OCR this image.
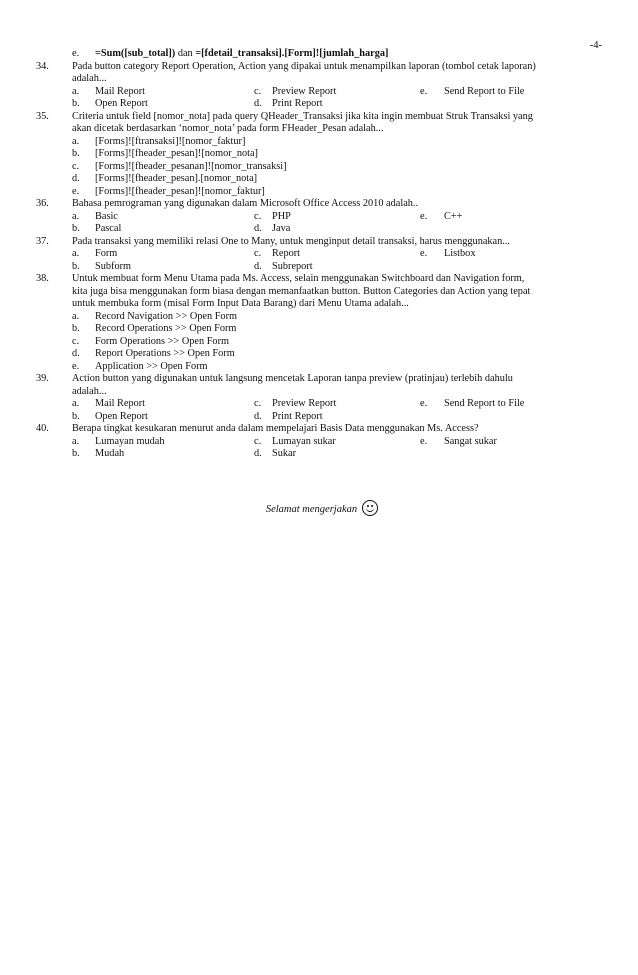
-4-
e. =Sum([sub_total]) dan =[fdetail_transaksi].[Form]![jumlah_harga]
34.	Pada button category Report Operation, Action yang dipakai untuk menampilkan laporan (tombol cetak laporan)
adalah...
a. Mail Report	c. Preview Report	e. Send Report to File
b. Open Report	d. Print Report
35.	Criteria untuk field [nomor_nota] pada query QHeader_Transaksi jika kita ingin membuat Struk Transaksi yang
akan dicetak berdasarkan ‘nomor_nota’ pada form FHeader_Pesan adalah...
a. [Forms]![ftransaksi]![nomor_faktur]
b. [Forms]![fheader_pesan]![nomor_nota]
c. [Forms]![fheader_pesanan]![nomor_transaksi]
d. [Forms]![fheader_pesan].[nomor_nota]
e. [Forms]![fheader_pesan]![nomor_faktur]
36.	Bahasa pemrograman yang digunakan dalam Microsoft Office Access 2010 adalah..
a. Basic	c. PHP	e. C++
b. Pascal	d. Java
37.	Pada transaksi yang memiliki relasi One to Many, untuk menginput detail transaksi, harus menggunakan...
a. Form	c. Report	e. Listbox
b. Subform	d. Subreport
38.	Untuk membuat form Menu Utama pada Ms. Access, selain menggunakan Switchboard dan Navigation form,
kita juga bisa menggunakan form biasa dengan memanfaatkan button. Button Categories dan Action yang tepat
untuk membuka form (misal Form Input Data Barang) dari Menu Utama adalah...
a. Record Navigation >> Open Form
b. Record Operations >> Open Form
c. Form Operations >> Open Form
d. Report Operations >> Open Form
e. Application >> Open Form
39.	Action button yang digunakan untuk langsung mencetak Laporan tanpa preview (pratinjau) terlebih dahulu
adalah...
a. Mail Report	c. Preview Report	e. Send Report to File
b. Open Report	d. Print Report
40.	Berapa tingkat kesukaran menurut anda dalam mempelajari Basis Data menggunakan Ms. Access?
a. Lumayan mudah	c. Lumayan sukar	e. Sangat sukar
b. Mudah	d. Sukar
Selamat mengerjakan
